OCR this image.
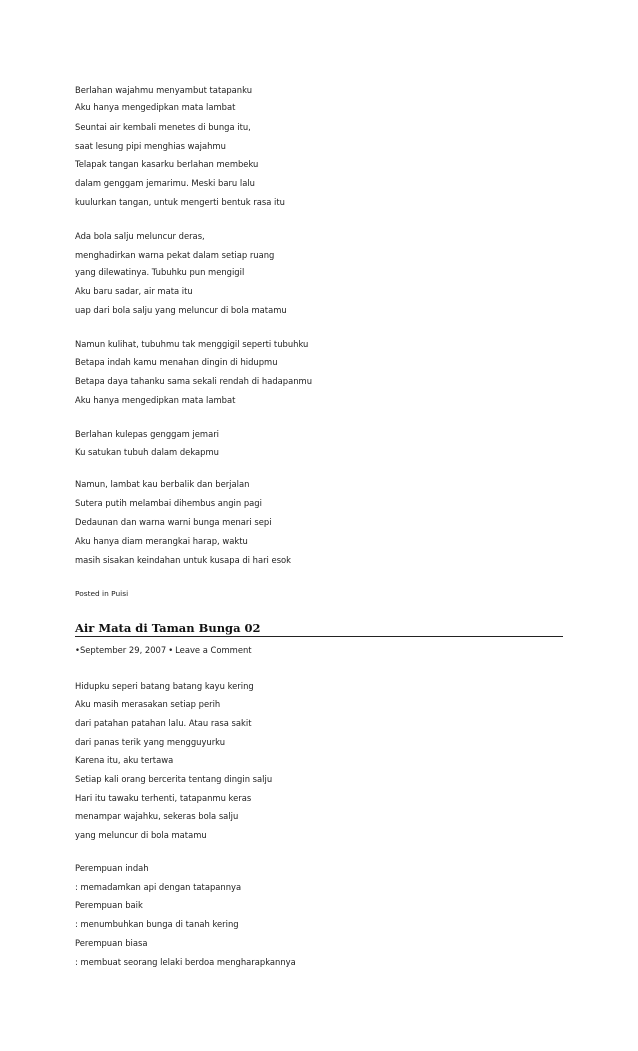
Berlahan wajahmu menyambut tatapanku
Aku hanya mengedipkan mata lambat
Seuntai air kembali menetes di bunga itu,
saat lesung pipi menghias wajahmu
Telapak tangan kasarku berlahan membeku
dalam genggam jemarimu. Meski baru lalu
kuulurkan tangan, untuk mengerti bentuk rasa itu
Ada bola salju meluncur deras,
menghadirkan warna pekat dalam setiap ruang
yang dilewatinya. Tubuhku pun mengigil
Aku baru sadar, air mata itu
uap dari bola salju yang meluncur di bola matamu
Namun kulihat, tubuhmu tak menggigil seperti tubuhku
Betapa indah kamu menahan dingin di hidupmu
Betapa daya tahanku sama sekali rendah di hadapanmu
Aku hanya mengedipkan mata lambat
Berlahan kulepas genggam jemari
Ku satukan tubuh dalam dekapmu
Namun, lambat kau berbalik dan berjalan
Sutera putih melambai dihembus angin pagi
Dedaunan dan warna warni bunga menari sepi
Aku hanya diam merangkai harap, waktu
masih sisakan keindahan untuk kusapa di hari esok
Posted in Puisi
Air Mata di Taman Bunga 02
•September 29, 2007 • Leave a Comment
Hidupku seperi batang batang kayu kering
Aku masih merasakan setiap perih
dari patahan patahan lalu. Atau rasa sakit
dari panas terik yang mengguyurku
Karena itu, aku tertawa
Setiap kali orang bercerita tentang dingin salju
Hari itu tawaku terhenti, tatapanmu keras
menampar wajahku, sekeras bola salju
yang meluncur di bola matamu
Perempuan indah
: memadamkan api dengan tatapannya
Perempuan baik
: menumbuhkan bunga di tanah kering
Perempuan biasa
: membuat seorang lelaki berdoa mengharapkannya
